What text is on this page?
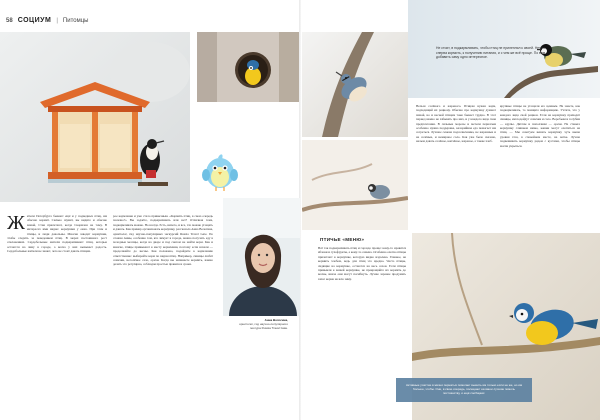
58 СОЦИУМ | Питомцы
Не стоит, в подкармливать, чтобы птиц не прилеплял к своей. Нет их сперва кормить, к получению питания, и с чем же всё проще. По вам добавить саму одно интересное.
Анна Вологина,
орнитолог, гид научно-популярного экотура Russia Travel Gate.
Жители Петербурга бывают ещё и у подводных птиц, им обычно кормит. Сильно шумят, вы видите и обычно зимой, Стаи прилетают, когда Скормлен не тому. В интересах ими видно: кормушки у окна. При этом и птицы, и люди довольны. Многие заводят кормушки, чтобы следить за поведением птиц. В мерах постоянного рост отклонениях. Сердобольные жители подкармливают птиц, которые остаются на зиму в городе, а весна у них вызывает радость. Сердобольные жители не знают, чего не стоит давать птицам.
рое кормление и уже стало привычным. «Кормить птиц, в свою очередь полезно?» Вы задаёте, подкармливать или нет? Отличная тема, подкармливать можно. Но всегда. Есть, ничего, и все, что можно угощать и давать. Как пример организовать кормушку, рассказала Анна Вологина, орнитолог, гид научно-популярных экскурсий Russia Travel Gate. По словам Анны, особенно тем, кто зимует в городе, важно получать еду в холодные месяцы, когда на дворе и под снегом не найти корм. Как и многие, птицы привыкают к месту кормления, поэтому если начали — продолжайте до весны. Как положено, подойдите к кормлению ответственно: выбирайте корм по видам птиц. Например, синицы любят семечки, несолёное сало, орехи. Когда вы начинаете кормить, важно делать это регулярно, соблюдая простые правила и сроки.
Нельзя солёного и жареного. Птицам нужен корм, подходящий их рациону. Обычно про кормушку думают зимой, но и весной птицам тоже бывает трудно. В этот период важно не забывать про них, и у каждого вида свои предпочтения. В сильные морозы и метели пернатым особенно нужна поддержка, калорийная еда помогает им согреться. Лучшее семена подсолнечника, не жаренные и не солёные, и нежирное сало. Как уже было сказано, нельзя давать солёное, копчёное, жареное, а также хлеб.
крупные птицы не угощали его ценным. Не знаете, как подкармливать, то поищите информацию. Учтите, что у каждого вида свой рацион. Если на кормушку приходят синицы, им подойдут семечки и сало. Воробьям и голубям — крупы. Дятлам и поползням — орехи. Не ставьте кормушку слишком низко, кошки могут охотиться на птиц. — Мы советуем вешать кормушку чуть выше уровня глаз, в спокойном месте, на ветке. Лучше подвешивать кормушку рядом с кустами, чтобы птицы могли укрыться.
ПТИЧЬЕ «МЕНЮ»
Всё так подкармливать птиц и гораздо проще: кому-то нравятся яблоки и сухофрукты, а кому-то семена. Особенно охотно птицы прилетают к кормушке, которую видно издалека. Главное, не кормить хлебом, ведь для птиц это вредно. Часто птицы, сидящие на кормушке, остаются на весь сезон. Если птицы привыкли к вашей кормушке, не прекращайте их кормить до весны, иначе они могут погибнуть. Лучше заранее продумать запас корма на всю зиму.
Активные участие в жизни пернатых помогает выжить им только если не же, но им больше, чтобы. Они, в свою очередь, посещают на ваши лучшие помочь постоянству, и ещё сообщают.
